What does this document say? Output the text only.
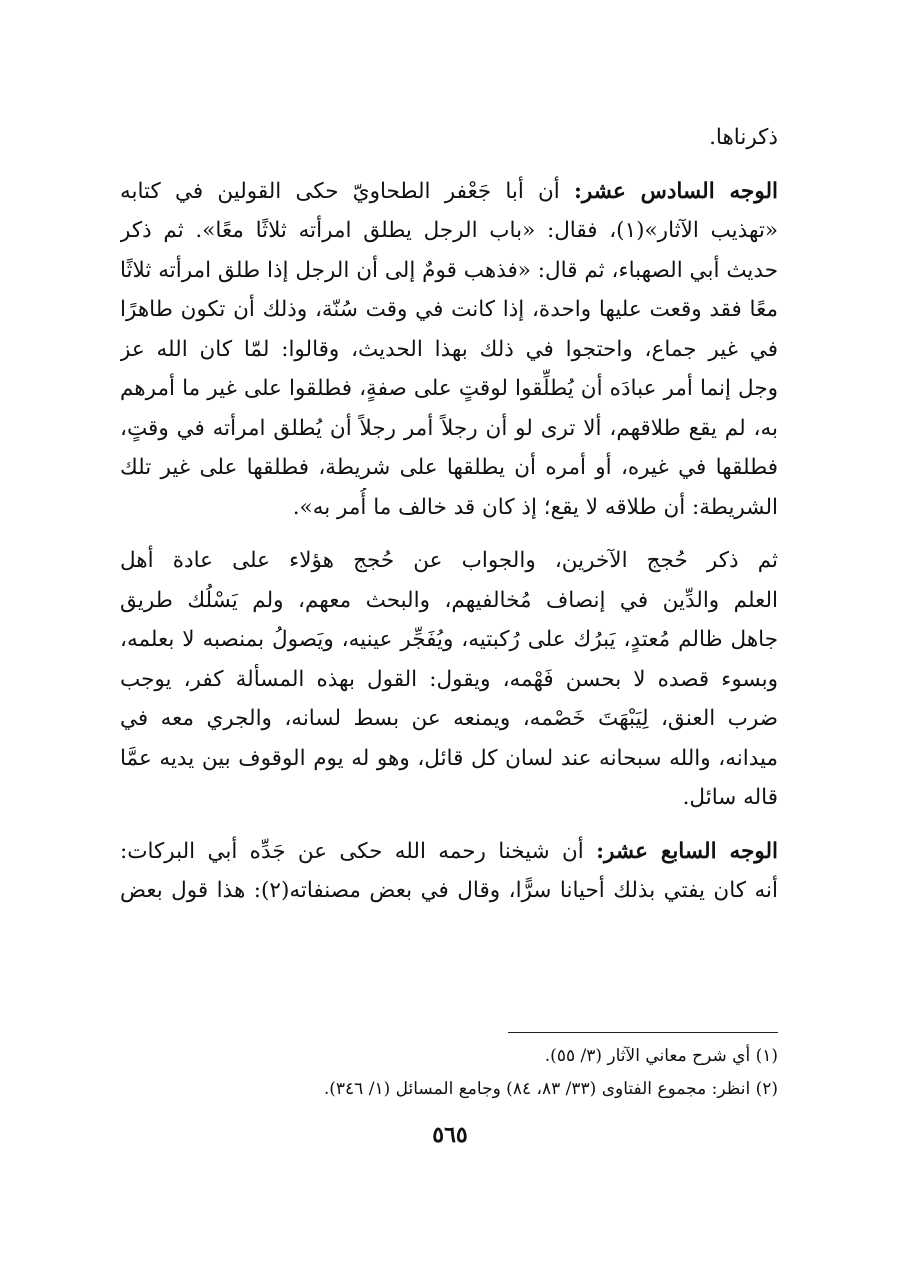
ذكرناها.
الوجه السادس عشر: أن أبا جَعْفر الطحاويّ حكى القولين في كتابه
«تهذيب الآثار»(١)، فقال: «باب الرجل يطلق امرأته ثلاثًا معًا». ثم ذكر
حديث أبي الصهباء، ثم قال: «فذهب قومٌ إلى أن الرجل إذا طلق امرأته ثلاثًا
معًا فقد وقعت عليها واحدة، إذا كانت في وقت سُنّة، وذلك أن تكون طاهرًا
في غير جماع، واحتجوا في ذلك بهذا الحديث، وقالوا: لمّا كان الله عز
وجل إنما أمر عبادَه أن يُطلِّقوا لوقتٍ على صفةٍ، فطلقوا على غير ما أمرهم
به، لم يقع طلاقهم، ألا ترى لو أن رجلاً أمر رجلاً أن يُطلق امرأته في وقتٍ،
فطلقها في غيره، أو أمره أن يطلقها على شريطة، فطلقها على غير تلك
الشريطة: أن طلاقه لا يقع؛ إذ كان قد خالف ما أُمر به».
ثم ذكر حُجج الآخرين، والجواب عن حُجج هؤلاء على عادة أهل
العلم والدِّين في إنصاف مُخالفيهم، والبحث معهم، ولم يَسْلُك طريق
جاهل ظالم مُعتدٍ، يَبرُك على رُكبتيه، ويُفَجِّر عينيه، ويَصولُ بمنصبه لا بعلمه،
وبسوء قصده لا بحسن فَهْمه، ويقول: القول بهذه المسألة كفر، يوجب
ضرب العنق، لِيَبْهَتَ خَصْمه، ويمنعه عن بسط لسانه، والجري معه في
ميدانه، والله سبحانه عند لسان كل قائل، وهو له يوم الوقوف بين يديه عمَّا
قاله سائل.
الوجه السابع عشر: أن شيخنا رحمه الله حكى عن جَدِّه أبي البركات:
أنه كان يفتي بذلك أحيانا سرًّا، وقال في بعض مصنفاته(٢): هذا قول بعض
(١) أي شرح معاني الآثار (٣/ ٥٥).
(٢) انظر: مجموع الفتاوى (٣٣/ ٨٣، ٨٤) وجامع المسائل (١/ ٣٤٦).
٥٦٥
